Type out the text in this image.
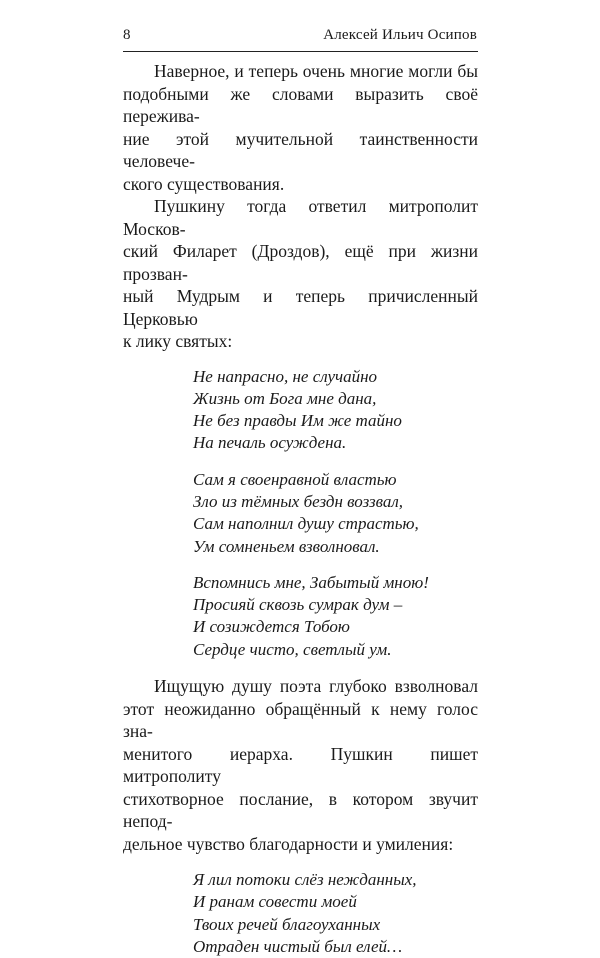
8	Алексей Ильич Осипов

Наверное, и теперь очень многие могли бы
подобными же словами выразить своё пережива-
ние этой мучительной таинственности человече-
ского существования.

Пушкину тогда ответил митрополит Москов-
ский Филарет (Дроздов), ещё при жизни прозван-
ный Мудрым и теперь причисленный Церковью
к лику святых:

Не напрасно, не случайно
Жизнь от Бога мне дана,
Не без правды Им же тайно
На печаль осуждена.
Сам я своенравной властью
Зло из тёмных бездн воззвал,
Сам наполнил душу страстью,
Ум сомненьем взволновал.
Вспомнись мне, Забытый мною!
Просияй сквозь сумрак дум –
И созиждется Тобою
Сердце чисто, светлый ум.

Ищущую душу поэта глубоко взволновал
этот неожиданно обращённый к нему голос зна-
менитого иерарха. Пушкин пишет митрополиту
стихотворное послание, в котором звучит непод-
дельное чувство благодарности и умиления:

Я лил потоки слёз нежданных,
И ранам совести моей
Твоих речей благоуханных
Отраден чистый был елей…
